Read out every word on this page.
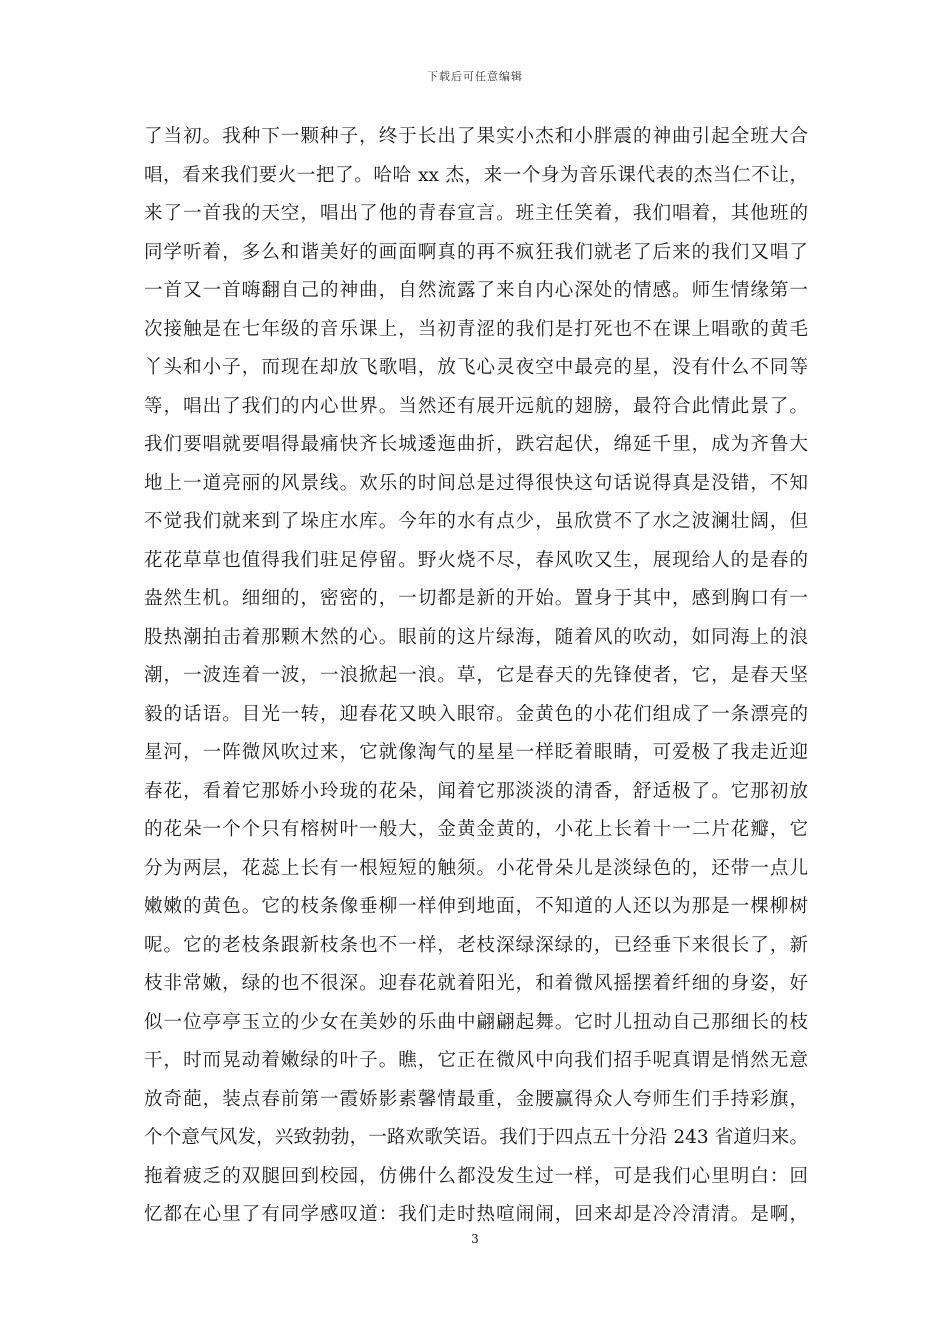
下载后可任意编辑
了当初。我种下一颗种子，终于长出了果实小杰和小胖震的神曲引起全班大合
唱，看来我们要火一把了。哈哈 xx 杰，来一个身为音乐课代表的杰当仁不让，
来了一首我的天空，唱出了他的青春宣言。班主任笑着，我们唱着，其他班的
同学听着，多么和谐美好的画面啊真的再不疯狂我们就老了后来的我们又唱了
一首又一首嗨翻自己的神曲，自然流露了来自内心深处的情感。师生情缘第一
次接触是在七年级的音乐课上，当初青涩的我们是打死也不在课上唱歌的黄毛
丫头和小子，而现在却放飞歌唱，放飞心灵夜空中最亮的星，没有什么不同等
等，唱出了我们的内心世界。当然还有展开远航的翅膀，最符合此情此景了。
我们要唱就要唱得最痛快齐长城逶迤曲折，跌宕起伏，绵延千里，成为齐鲁大
地上一道亮丽的风景线。欢乐的时间总是过得很快这句话说得真是没错，不知
不觉我们就来到了垛庄水库。今年的水有点少，虽欣赏不了水之波澜壮阔，但
花花草草也值得我们驻足停留。野火烧不尽，春风吹又生，展现给人的是春的
盎然生机。细细的，密密的，一切都是新的开始。置身于其中，感到胸口有一
股热潮拍击着那颗木然的心。眼前的这片绿海，随着风的吹动，如同海上的浪
潮，一波连着一波，一浪掀起一浪。草，它是春天的先锋使者，它，是春天坚
毅的话语。目光一转，迎春花又映入眼帘。金黄色的小花们组成了一条漂亮的
星河，一阵微风吹过来，它就像淘气的星星一样眨着眼睛，可爱极了我走近迎
春花，看着它那娇小玲珑的花朵，闻着它那淡淡的清香，舒适极了。它那初放
的花朵一个个只有榕树叶一般大，金黄金黄的，小花上长着十一二片花瓣，它
分为两层，花蕊上长有一根短短的触须。小花骨朵儿是淡绿色的，还带一点儿
嫩嫩的黄色。它的枝条像垂柳一样伸到地面，不知道的人还以为那是一棵柳树
呢。它的老枝条跟新枝条也不一样，老枝深绿深绿的，已经垂下来很长了，新
枝非常嫩，绿的也不很深。迎春花就着阳光，和着微风摇摆着纤细的身姿，好
似一位亭亭玉立的少女在美妙的乐曲中翩翩起舞。它时儿扭动自己那细长的枝
干，时而晃动着嫩绿的叶子。瞧，它正在微风中向我们招手呢真谓是悄然无意
放奇葩，装点春前第一霞娇影素馨情最重，金腰赢得众人夸师生们手持彩旗，
个个意气风发，兴致勃勃，一路欢歌笑语。我们于四点五十分沿 243 省道归来。
拖着疲乏的双腿回到校园，仿佛什么都没发生过一样，可是我们心里明白：回
忆都在心里了有同学感叹道：我们走时热喧闹闹，回来却是冷冷清清。是啊，
3
